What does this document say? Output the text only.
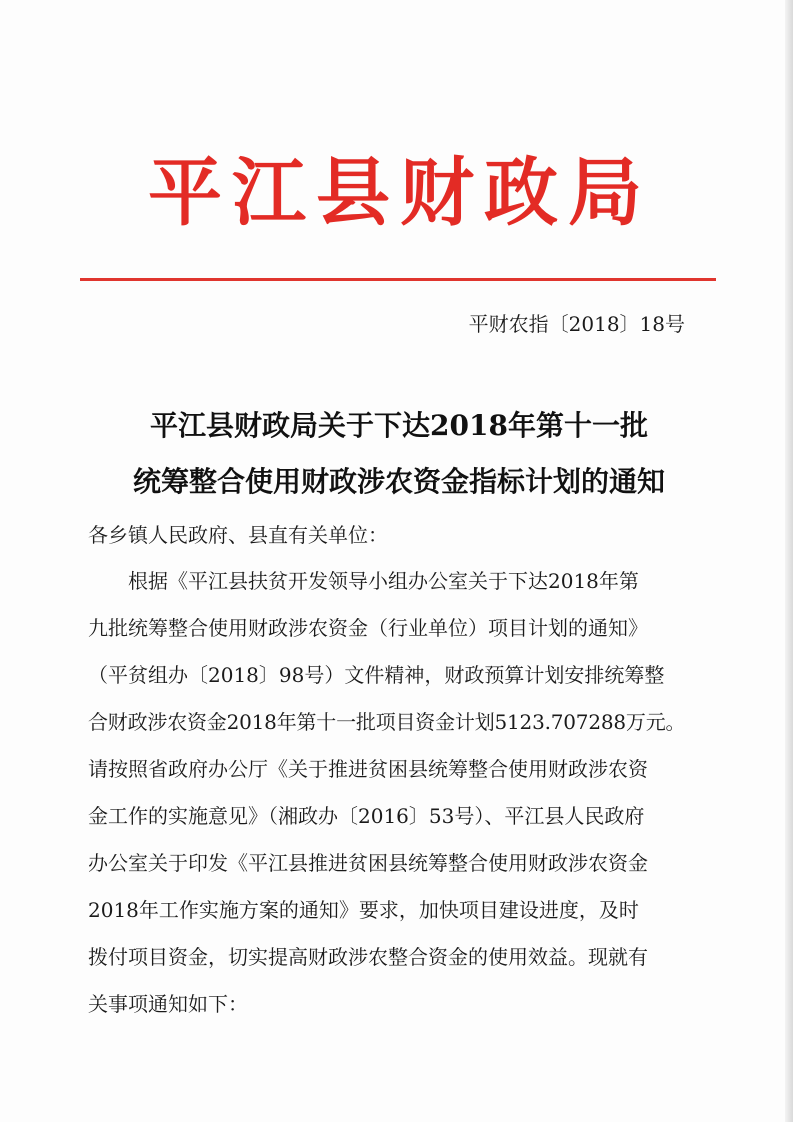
平江县财政局
平财农指〔2018〕18号
平江县财政局关于下达2018年第十一批
统筹整合使用财政涉农资金指标计划的通知
各乡镇人民政府、县直有关单位：
根据《平江县扶贫开发领导小组办公室关于下达2018年第
九批统筹整合使用财政涉农资金（行业单位）项目计划的通知》
（平贫组办〔2018〕98号）文件精神，财政预算计划安排统筹整
合财政涉农资金2018年第十一批项目资金计划5123.707288万元。
请按照省政府办公厅《关于推进贫困县统筹整合使用财政涉农资
金工作的实施意见》（湘政办〔2016〕53号）、平江县人民政府
办公室关于印发《平江县推进贫困县统筹整合使用财政涉农资金
2018年工作实施方案的通知》要求，加快项目建设进度，及时
拨付项目资金，切实提高财政涉农整合资金的使用效益。现就有
关事项通知如下：
